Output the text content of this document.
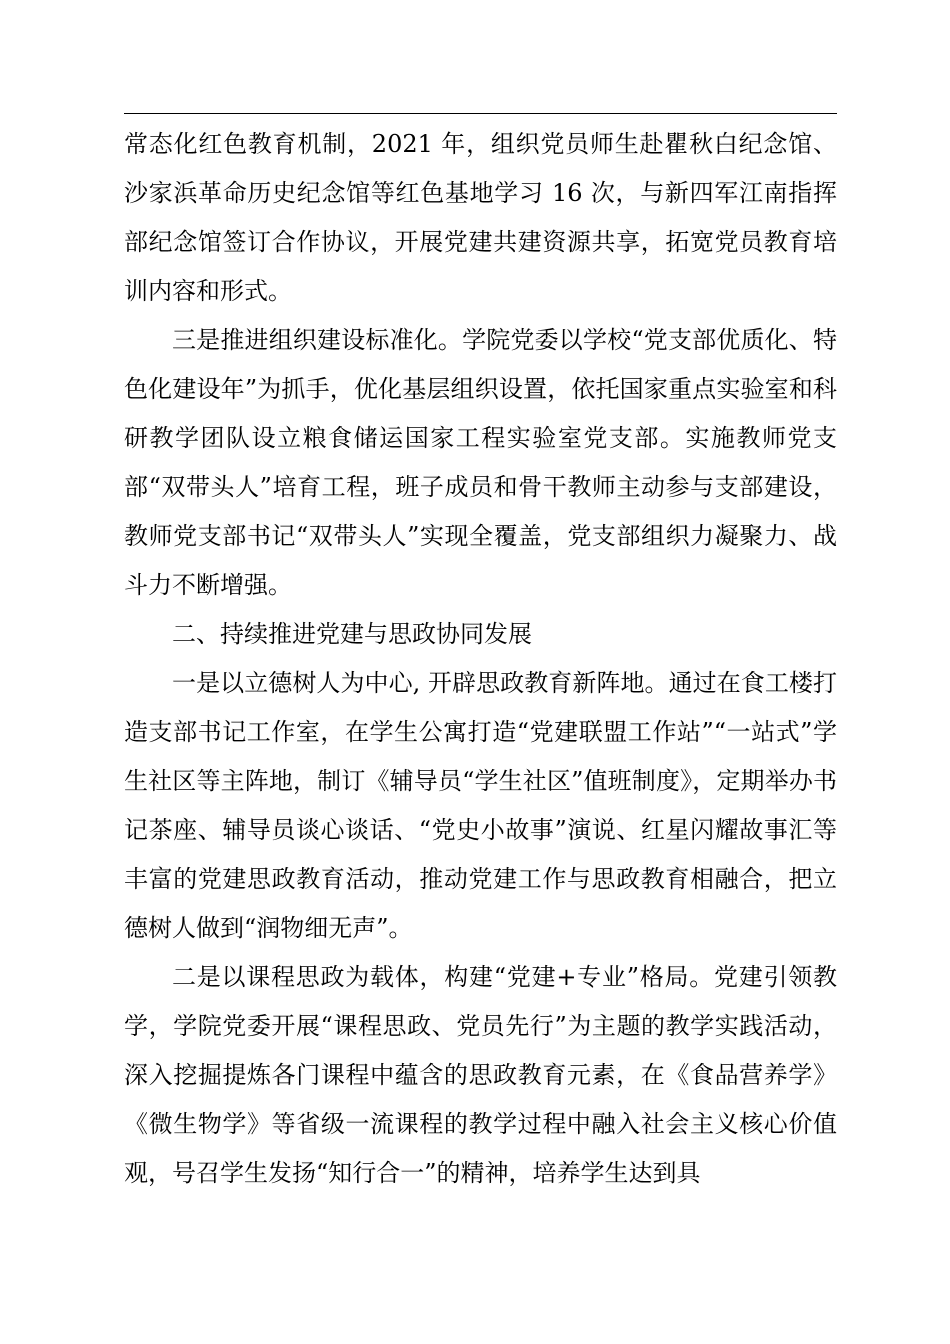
常态化红色教育机制，2021 年，组织党员师生赴瞿秋白纪念馆、沙家浜革命历史纪念馆等红色基地学习 16 次，与新四军江南指挥部纪念馆签订合作协议，开展党建共建资源共享，拓宽党员教育培训内容和形式。

三是推进组织建设标准化。学院党委以学校“党支部优质化、特色化建设年”为抓手，优化基层组织设置，依托国家重点实验室和科研教学团队设立粮食储运国家工程实验室党支部。实施教师党支部“双带头人”培育工程，班子成员和骨干教师主动参与支部建设，教师党支部书记“双带头人”实现全覆盖，党支部组织力凝聚力、战斗力不断增强。

二、持续推进党建与思政协同发展

一是以立德树人为中心, 开辟思政教育新阵地。通过在食工楼打造支部书记工作室，在学生公寓打造“党建联盟工作站”“一站式”学生社区等主阵地，制订《辅导员“学生社区”值班制度》，定期举办书记茶座、辅导员谈心谈话、“党史小故事”演说、红星闪耀故事汇等丰富的党建思政教育活动，推动党建工作与思政教育相融合，把立德树人做到“润物细无声”。

二是以课程思政为载体，构建“党建+专业”格局。党建引领教学，学院党委开展“课程思政、党员先行”为主题的教学实践活动，深入挖掘提炼各门课程中蕴含的思政教育元素，在《食品营养学》《微生物学》等省级一流课程的教学过程中融入社会主义核心价值观，号召学生发扬“知行合一”的精神，培养学生达到具
